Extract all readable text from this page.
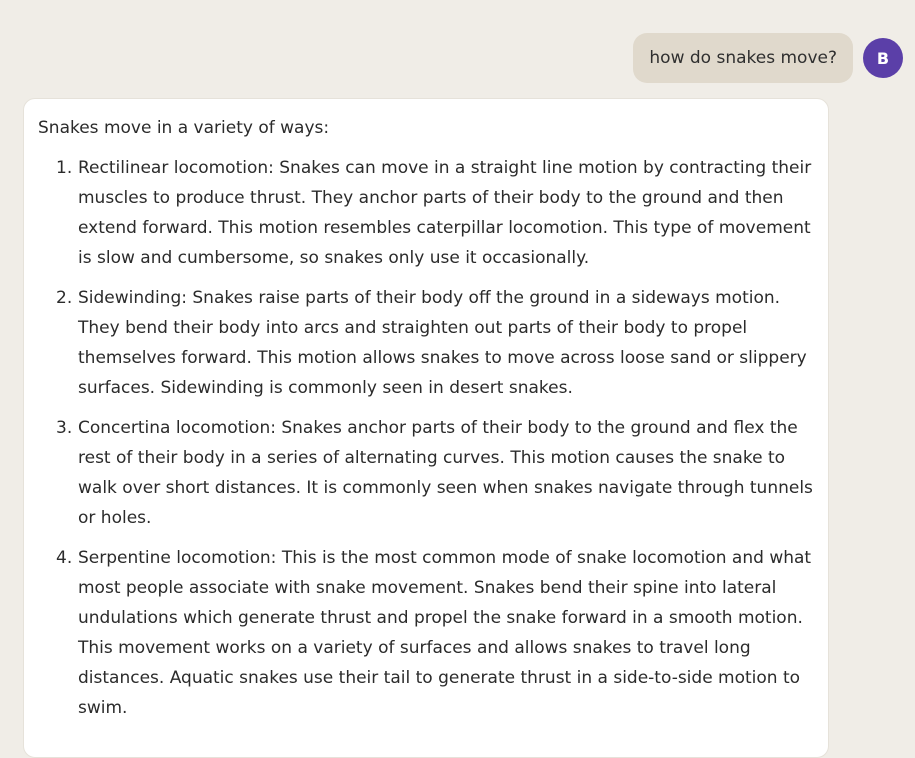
how do snakes move?	B

Snakes move in a variety of ways:

1. Rectilinear locomotion: Snakes can move in a straight line motion by contracting their muscles to produce thrust. They anchor parts of their body to the ground and then extend forward. This motion resembles caterpillar locomotion. This type of movement is slow and cumbersome, so snakes only use it occasionally.
2. Sidewinding: Snakes raise parts of their body off the ground in a sideways motion. They bend their body into arcs and straighten out parts of their body to propel themselves forward. This motion allows snakes to move across loose sand or slippery surfaces. Sidewinding is commonly seen in desert snakes.
3. Concertina locomotion: Snakes anchor parts of their body to the ground and flex the rest of their body in a series of alternating curves. This motion causes the snake to walk over short distances. It is commonly seen when snakes navigate through tunnels or holes.
4. Serpentine locomotion: This is the most common mode of snake locomotion and what most people associate with snake movement. Snakes bend their spine into lateral undulations which generate thrust and propel the snake forward in a smooth motion. This movement works on a variety of surfaces and allows snakes to travel long distances. Aquatic snakes use their tail to generate thrust in a side-to-side motion to swim.
